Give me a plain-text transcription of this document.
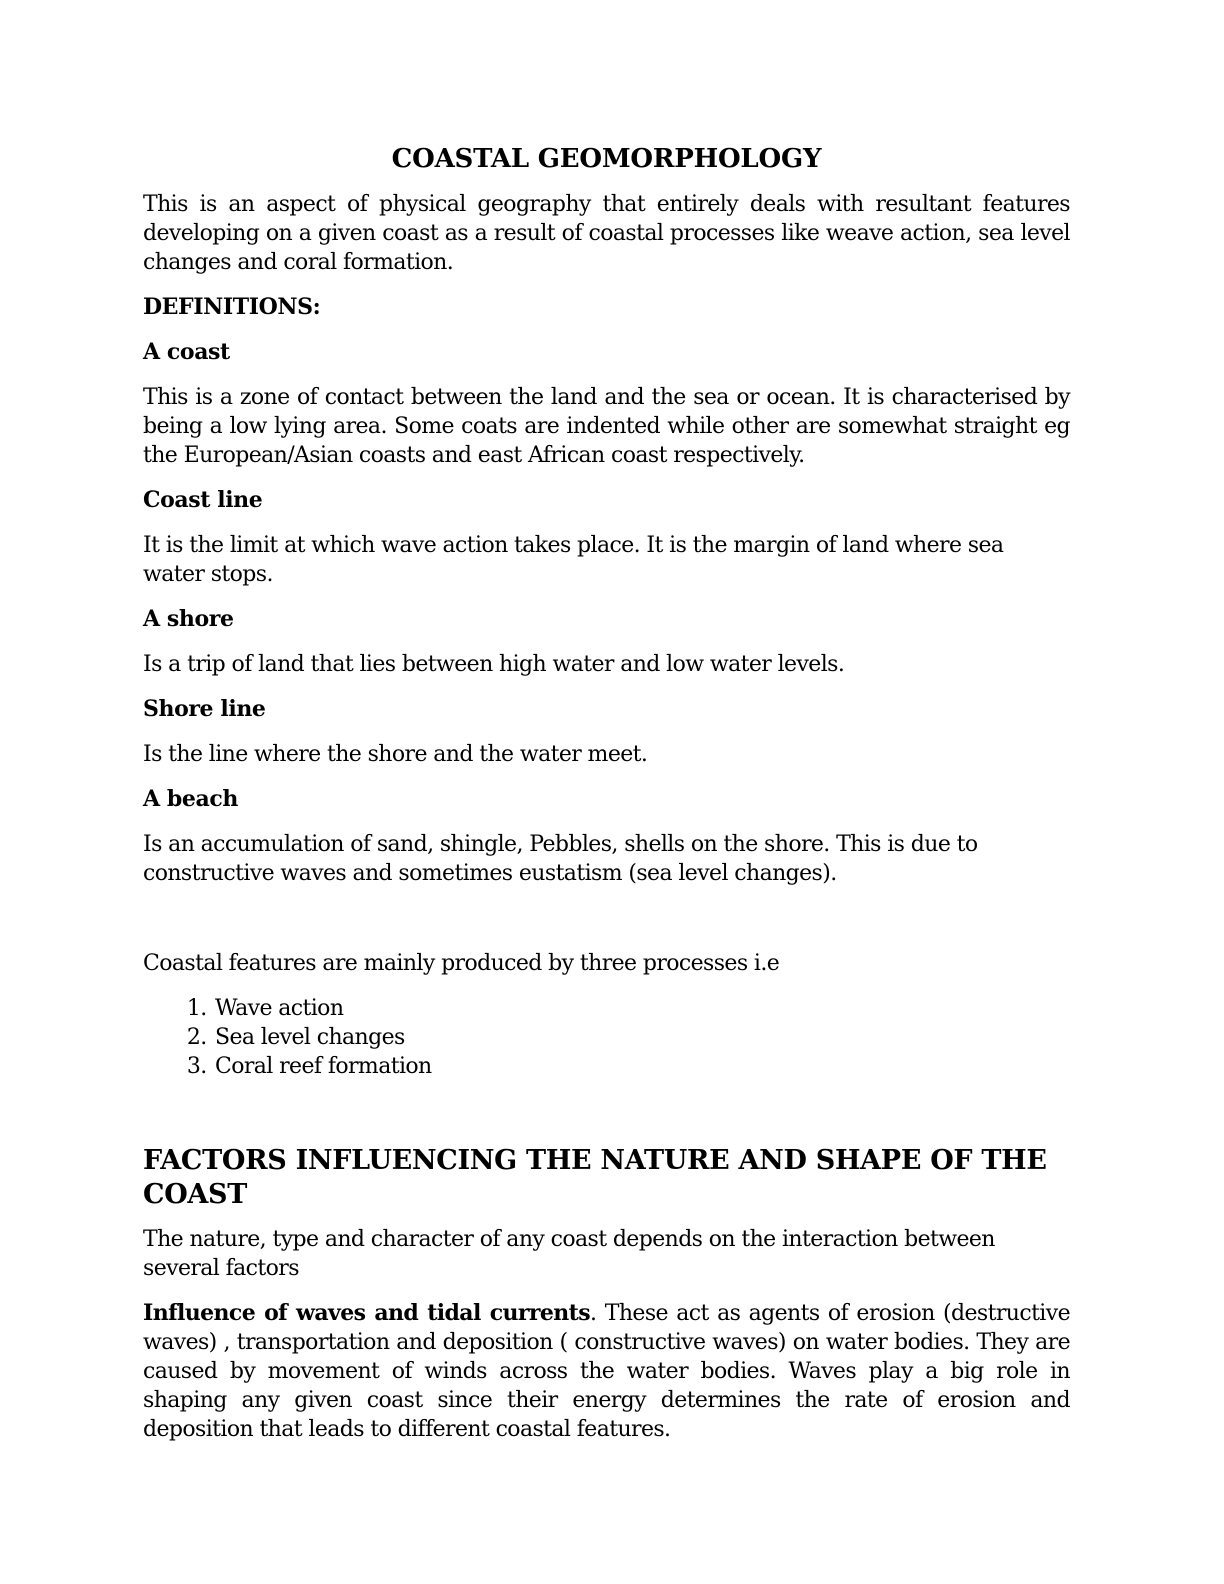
COASTAL GEOMORPHOLOGY

This is an aspect of physical geography that entirely deals with resultant features developing on a given coast as a result of coastal processes like weave action, sea level changes and coral formation.

DEFINITIONS:
A coast

This is a zone of contact between the land and the sea or ocean. It is characterised by being a low lying area. Some coats are indented while other are somewhat straight eg the European/Asian coasts and east African coast respectively.

Coast line

It is the limit at which wave action takes place. It is the margin of land where sea water stops.

A shore

Is a trip of land that lies between high water and low water levels.

Shore line

Is the line where the shore and the water meet.

A beach

Is an accumulation of sand, shingle, Pebbles, shells on the shore. This is due to constructive waves and sometimes eustatism (sea level changes).

Coastal features are mainly produced by three processes i.e

1. Wave action
2. Sea level changes
3. Coral reef formation
FACTORS INFLUENCING THE NATURE AND SHAPE OF THE COAST

The nature, type and character of any coast depends on the interaction between several factors

Influence of waves and tidal currents. These act as agents of erosion (destructive waves) , transportation and deposition ( constructive waves) on water bodies. They are caused by movement of winds across the water bodies. Waves play a big role in shaping any given coast since their energy determines the rate of erosion and deposition that leads to different coastal features.
